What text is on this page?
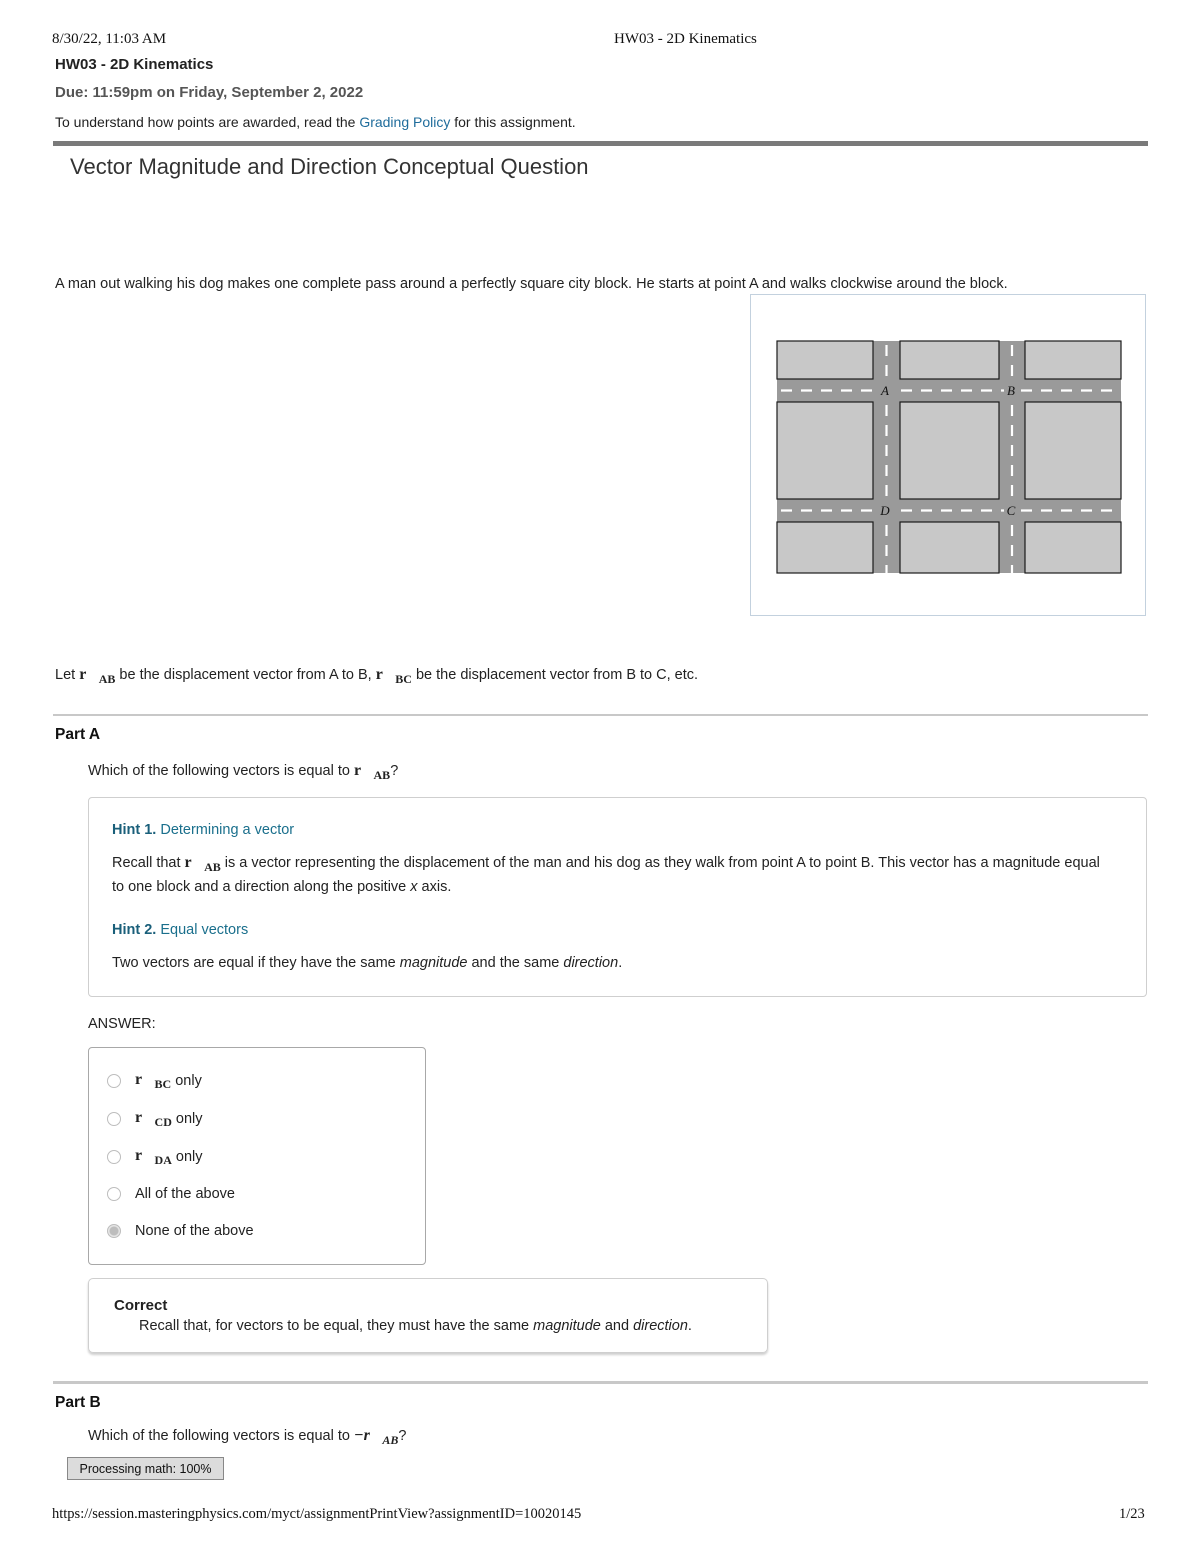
8/30/22, 11:03 AM	HW03 - 2D Kinematics
HW03 - 2D Kinematics
Due: 11:59pm on Friday, September 2, 2022
To understand how points are awarded, read the Grading Policy for this assignment.
Vector Magnitude and Direction Conceptual Question
A man out walking his dog makes one complete pass around a perfectly square city block. He starts at point A and walks clockwise around the block.
A	B
C
D
Let $r⃗_{AB}$ be the displacement vector from A to B, $r⃗_{BC}$ be the displacement vector from B to C, etc.
Part A
Which of the following vectors is equal to $r⃗_{AB}$?
Hint 1. Determining a vector
Recall that $r⃗_{AB}$ is a vector representing the displacement of the man and his dog as they walk from point A to point B. This vector has a magnitude equal to one block and a direction along the positive x axis.
Hint 2. Equal vectors
Two vectors are equal if they have the same magnitude and the same direction.
ANSWER:
$r⃗_{BC}$ only
$r⃗_{CD}$ only
$r⃗_{DA}$ only
All of the above
None of the above
Correct
Recall that, for vectors to be equal, they must have the same magnitude and direction.
Part B
Which of the following vectors is equal to $-r⃗_{AB}$?
Processing math: 100%
https://session.masteringphysics.com/myct/assignmentPrintView?assignmentID=10020145	1/23
